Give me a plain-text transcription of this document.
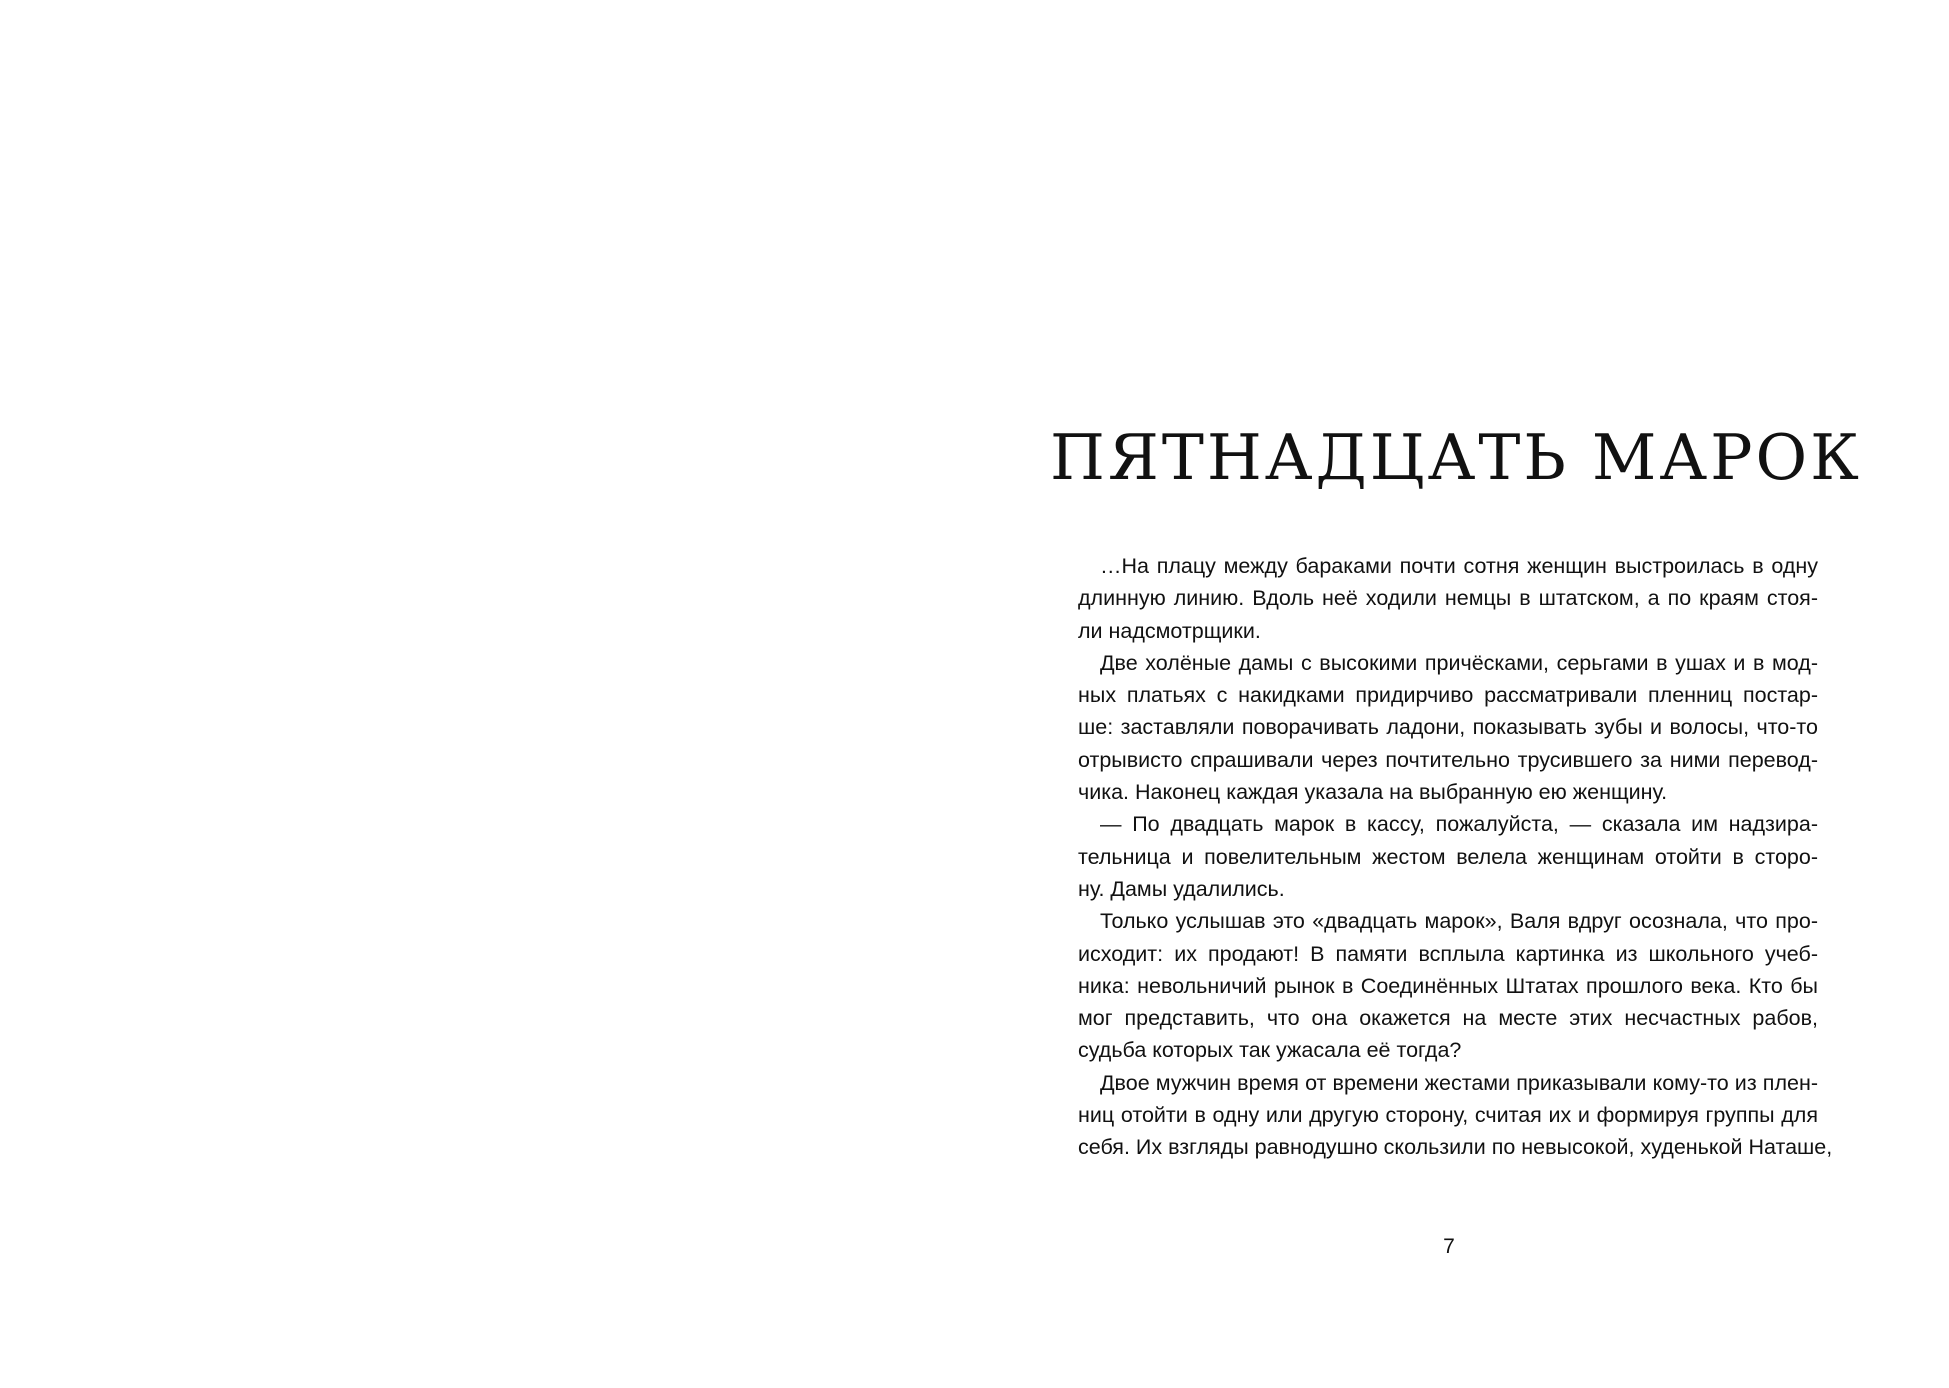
ПЯТНАДЦАТЬ МАРОК
…На плацу между бараками почти сотня женщин выстроилась в одну
длинную линию. Вдоль неё ходили немцы в штатском, а по краям стоя-
ли надсмотрщики.
Две холёные дамы с высокими причёсками, серьгами в ушах и в мод-
ных платьях с накидками придирчиво рассматривали пленниц постар-
ше: заставляли поворачивать ладони, показывать зубы и волосы, что-то
отрывисто спрашивали через почтительно трусившего за ними перевод-
чика. Наконец каждая указала на выбранную ею женщину.
— По двадцать марок в кассу, пожалуйста, — сказала им надзира-
тельница и повелительным жестом велела женщинам отойти в сторо-
ну. Дамы удалились.
Только услышав это «двадцать марок», Валя вдруг осознала, что про-
исходит: их продают! В памяти всплыла картинка из школьного учеб-
ника: невольничий рынок в Соединённых Штатах прошлого века. Кто бы
мог представить, что она окажется на месте этих несчастных рабов,
судьба которых так ужасала её тогда?
Двое мужчин время от времени жестами приказывали кому-то из плен-
ниц отойти в одну или другую сторону, считая их и формируя группы для
себя. Их взгляды равнодушно скользили по невысокой, худенькой Наташе,
7
